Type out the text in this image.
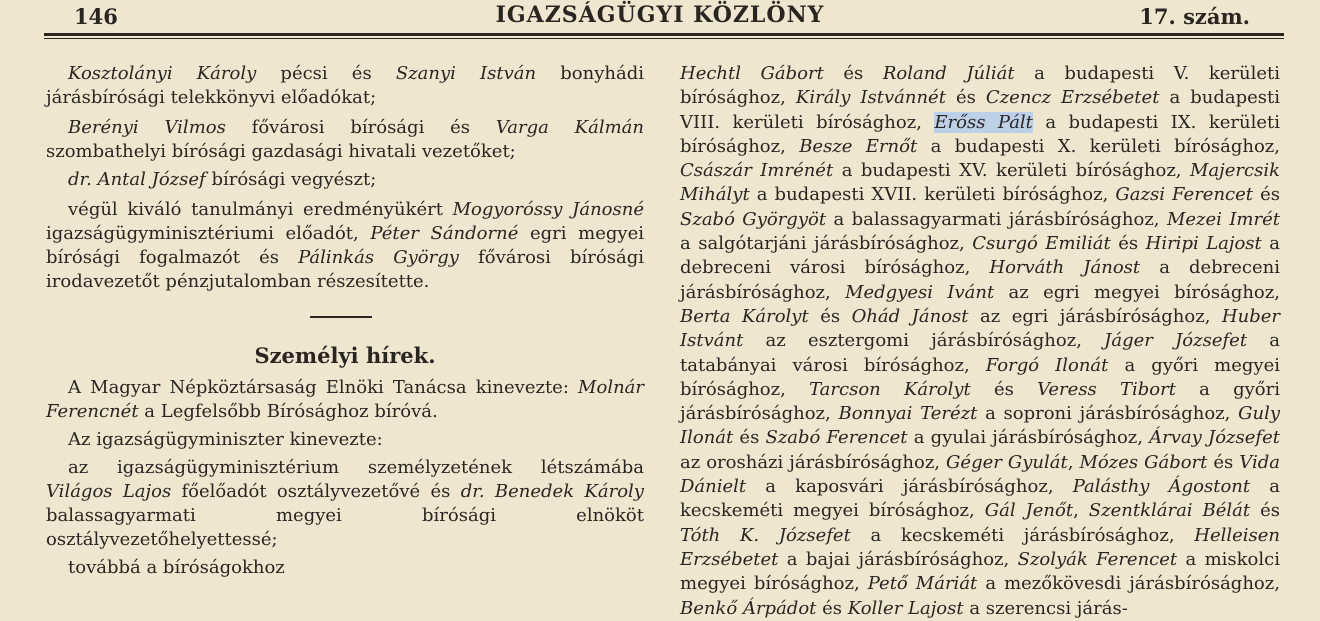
146	IGAZSÁGÜGYI KÖZLÖNY	17. szám.

Kosztolányi Károly pécsi és Szanyi István bonyhádi járásbírósági telekkönyvi előadókat;

Berényi Vilmos fővárosi bírósági és Varga Kálmán szombathelyi bírósági gazdasági hivatali vezetőket;

dr. Antal József bírósági vegyészt;

végül kiváló tanulmányi eredményükért Mogyoróssy Jánosné igazságügyminisztériumi előadót, Péter Sándorné egri megyei bírósági fogalmazót és Pálinkás György fővárosi bírósági irodavezetőt pénzjutalomban részesítette.

Személyi hírek.

A Magyar Népköztársaság Elnöki Tanácsa kinevezte: Molnár Ferencnét a Legfelsőbb Bírósághoz bíróvá.

Az igazságügyminiszter kinevezte:

az igazságügyminisztérium személyzetének létszámába Világos Lajos főelőadót osztályvezetővé és dr. Benedek Károly balassagyarmati megyei bírósági elnököt osztályvezetőhelyettessé;

továbbá a bíróságokhoz

Hechtl Gábort és Roland Júliát a budapesti V. kerületi bírósághoz, Király Istvánnét és Czencz Erzsébetet a budapesti VIII. kerületi bírósághoz, Erőss Pált a budapesti IX. kerületi bírósághoz, Besze Ernőt a budapesti X. kerületi bírósághoz, Császár Imrénét a budapesti XV. kerületi bírósághoz, Majercsik Mihályt a budapesti XVII. kerületi bírósághoz, Gazsi Ferencet és Szabó Györgyöt a balassagyarmati járásbírósághoz, Mezei Imrét a salgótarjáni járásbírósághoz, Csurgó Emiliát és Hiripi Lajost a debreceni városi bírósághoz, Horváth Jánost a debreceni járásbírósághoz, Medgyesi Ivánt az egri megyei bírósághoz, Berta Károlyt és Ohád Jánost az egri járásbírósághoz, Huber Istvánt az esztergomi járásbírósághoz, Jáger Józsefet a tatabányai városi bírósághoz, Forgó Ilonát a győri megyei bírósághoz, Tarcson Károlyt és Veress Tibort a győri járásbírósághoz, Bonnyai Terézt a soproni járásbírósághoz, Guly Ilonát és Szabó Ferencet a gyulai járásbírósághoz, Árvay Józsefet az orosházi járásbírósághoz, Géger Gyulát, Mózes Gábort és Vida Dánielt a kaposvári járásbírósághoz, Palásthy Ágostont a kecskeméti megyei bírósághoz, Gál Jenőt, Szentklárai Bélát és Tóth K. Józsefet a kecskeméti járásbírósághoz, Helleisen Erzsébetet a bajai járásbírósághoz, Szolyák Ferencet a miskolci megyei bírósághoz, Pető Máriát a mezőkövesdi járásbírósághoz, Benkő Árpádot és Koller Lajost a szerencsi járás-
